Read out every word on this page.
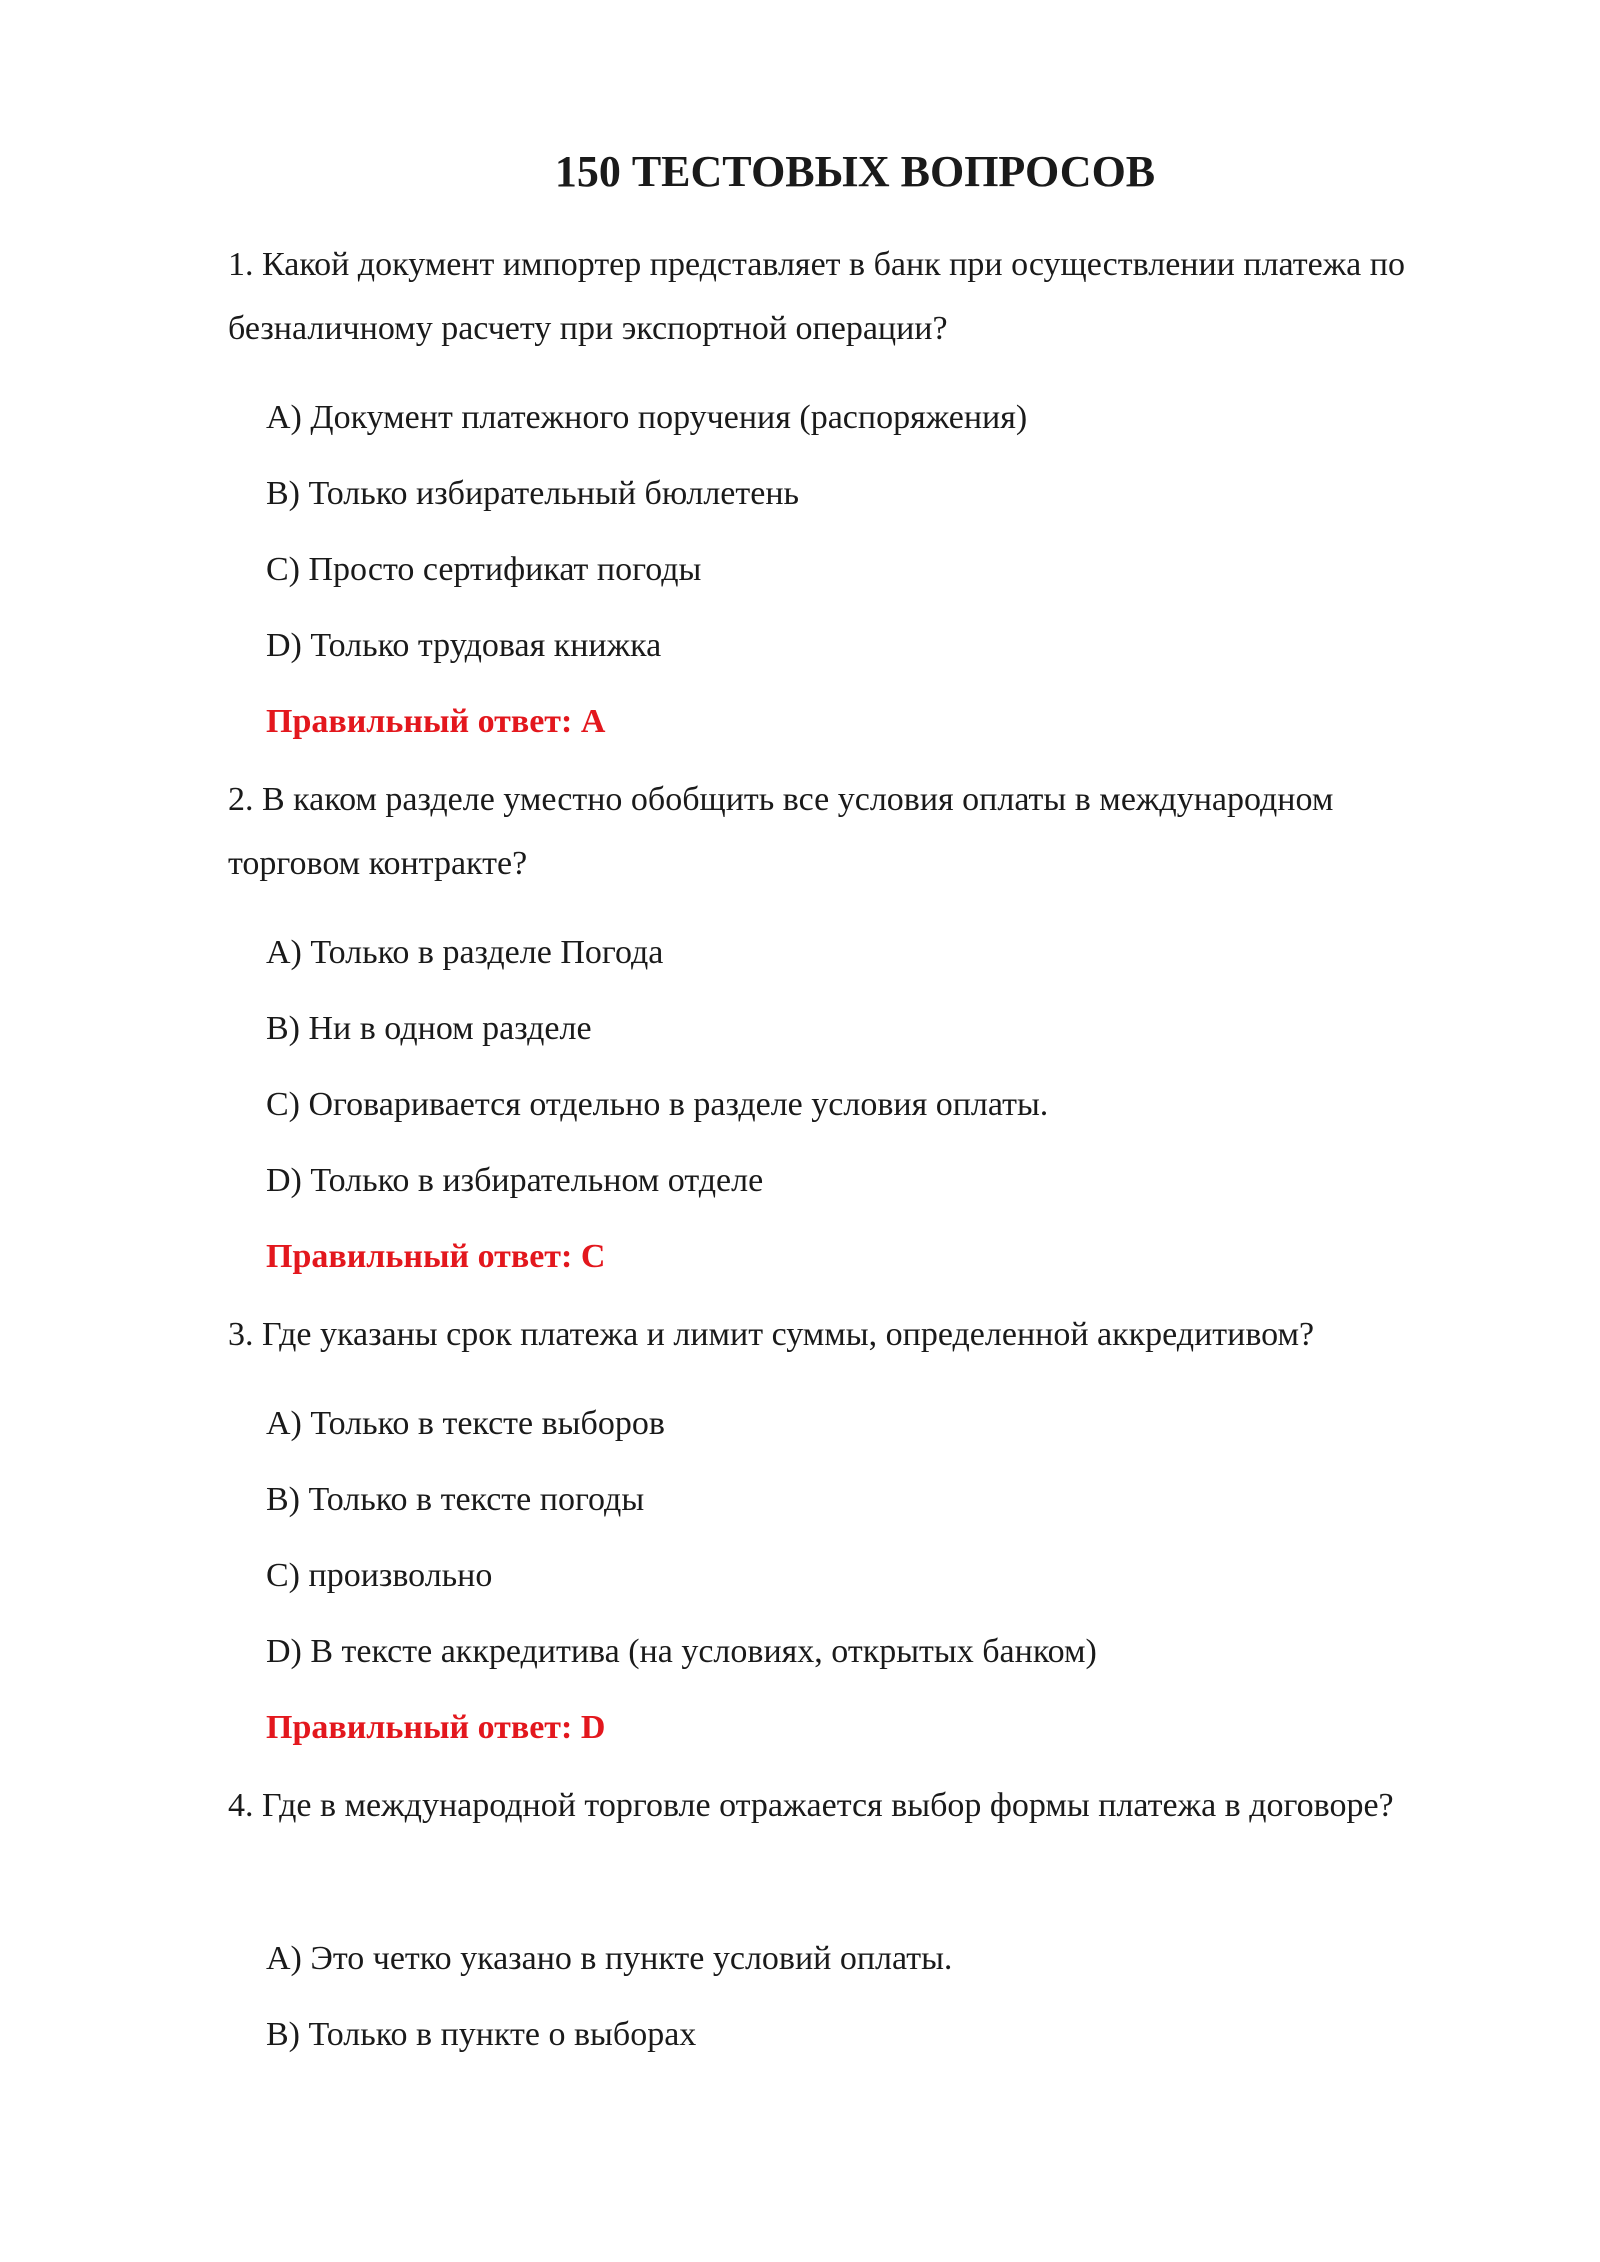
150 ТЕСТОВЫХ ВОПРОСОВ

1. Какой документ импортер представляет в банк при осуществлении платежа по безналичному расчету при экспортной операции?

A) Документ платежного поручения (распоряжения)

B) Только избирательный бюллетень

C) Просто сертификат погоды

D) Только трудовая книжка

Правильный ответ: A

2. В каком разделе уместно обобщить все условия оплаты в международном торговом контракте?

A) Только в разделе Погода

B) Ни в одном разделе

C) Оговаривается отдельно в разделе условия оплаты.

D) Только в избирательном отделе

Правильный ответ: C

3. Где указаны срок платежа и лимит суммы, определенной аккредитивом?

A) Только в тексте выборов

B) Только в тексте погоды

C) произвольно

D) В тексте аккредитива (на условиях, открытых банком)

Правильный ответ: D

4. Где в международной торговле отражается выбор формы платежа в договоре?

A) Это четко указано в пункте условий оплаты.

B) Только в пункте о выборах
